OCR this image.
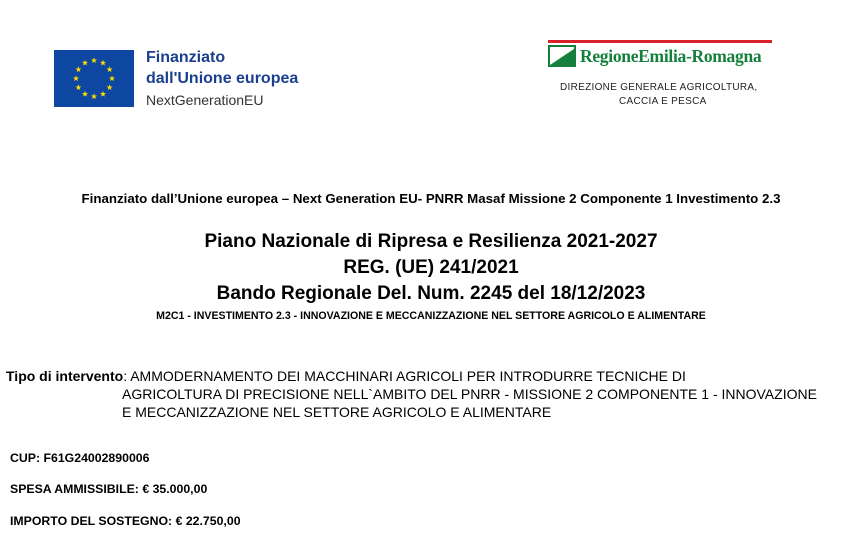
Finanziato
dall'Unione europea
NextGenerationEU
RegioneEmilia-Romagna
DIREZIONE GENERALE AGRICOLTURA,
CACCIA E PESCA
Finanziato dall’Unione europea – Next Generation EU- PNRR Masaf Missione 2 Componente 1 Investimento 2.3
Piano Nazionale di Ripresa e Resilienza 2021-2027
REG. (UE) 241/2021
Bando Regionale Del. Num. 2245 del 18/12/2023
M2C1 - INVESTIMENTO 2.3 - INNOVAZIONE E MECCANIZZAZIONE NEL SETTORE AGRICOLO E ALIMENTARE
Tipo di intervento: AMMODERNAMENTO DEI MACCHINARI AGRICOLI PER INTRODURRE TECNICHE DI
AGRICOLTURA DI PRECISIONE NELL`AMBITO DEL PNRR - MISSIONE 2 COMPONENTE 1 - INNOVAZIONE
E MECCANIZZAZIONE NEL SETTORE AGRICOLO E ALIMENTARE
CUP: F61G24002890006
SPESA AMMISSIBILE: € 35.000,00
IMPORTO DEL SOSTEGNO: € 22.750,00
